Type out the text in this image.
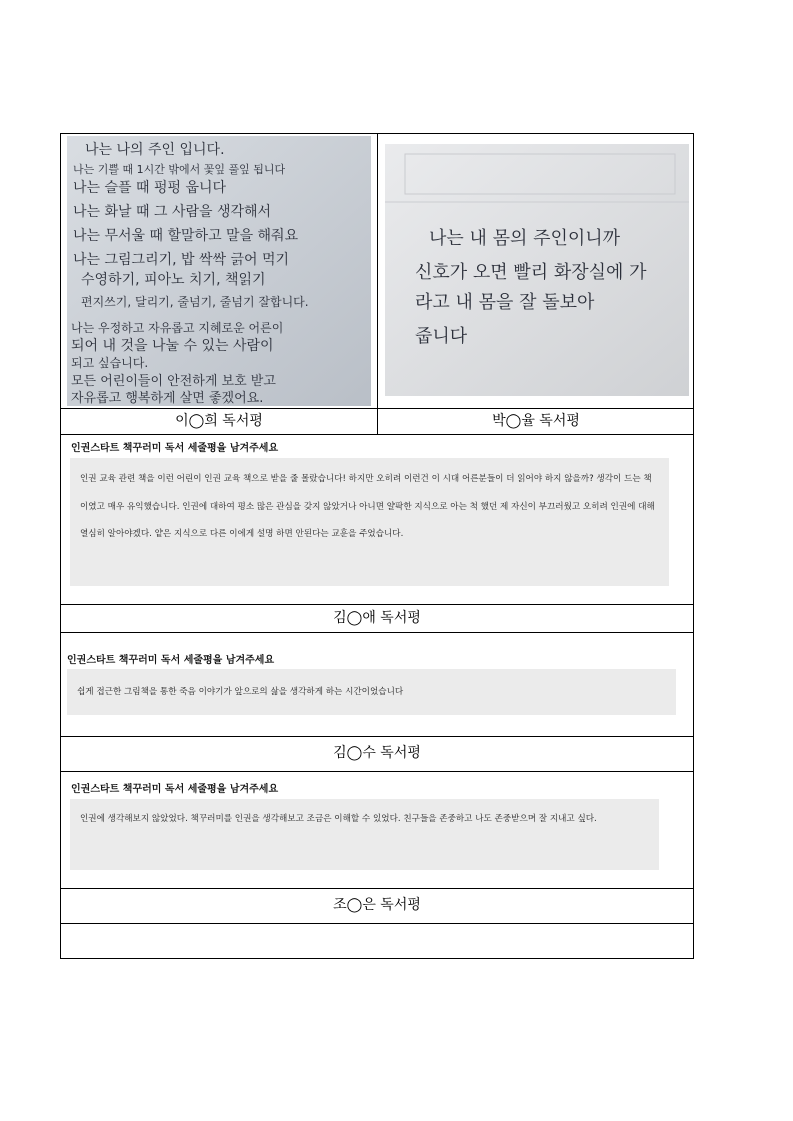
나는 나의 주인 입니다.
나는 기쁠 때 1시간 밖에서 꽃잎 풀잎 됩니다
나는 슬플 때 펑펑 웁니다
나는 화날 때 그 사람을 생각해서
나는 무서울 때 할말하고 말을 해줘요
나는 그림그리기, 밥 싹싹 긁어 먹기
수영하기, 피아노 치기, 책읽기
편지쓰기, 달리기, 줄넘기, 줄넘기 잘합니다.
나는 우정하고 자유롭고 지혜로운 어른이
되어 내 것을 나눌 수 있는 사람이
되고 싶습니다.
모든 어린이들이 안전하게 보호 받고
자유롭고 행복하게 살면 좋겠어요.
나는 내 몸의 주인이니까
신호가 오면 빨리 화장실에 가
라고 내 몸을 잘 돌보아
줍니다
이◯희 독서평	박◯율 독서평
인권스타트 책꾸러미 독서 세줄평을 남겨주세요

인권 교육 관련 책을 이런 어린이 인권 교육 책으로 받을 줄 몰랐습니다! 하지만 오히려 이런건 이 시대 어른분들이 더 읽어야 하지 않을까? 생각이 드는 책이였고 매우 유익했습니다. 인권에 대하여 평소 많은 관심을 갖지 않았거나 아니면 얄팍한 지식으로 아는 척 했던 제 자신이 부끄러웠고 오히려 인권에 대해 열심히 알아야겠다. 얕은 지식으로 다른 이에게 설명 하면 안된다는 교훈을 주었습니다.

김◯애 독서평
인권스타트 책꾸러미 독서 세줄평을 남겨주세요

쉽게 접근한 그림책을 통한 죽음 이야기가 앞으로의 삶을 생각하게 하는 시간이었습니다

김◯수 독서평
인권스타트 책꾸러미 독서 세줄평을 남겨주세요

인권에 생각해보지 않았었다. 책꾸러미를 인권을 생각해보고 조금은 이해할 수 있었다. 친구들을 존중하고 나도 존중받으며 잘 지내고 싶다.

조◯은 독서평
